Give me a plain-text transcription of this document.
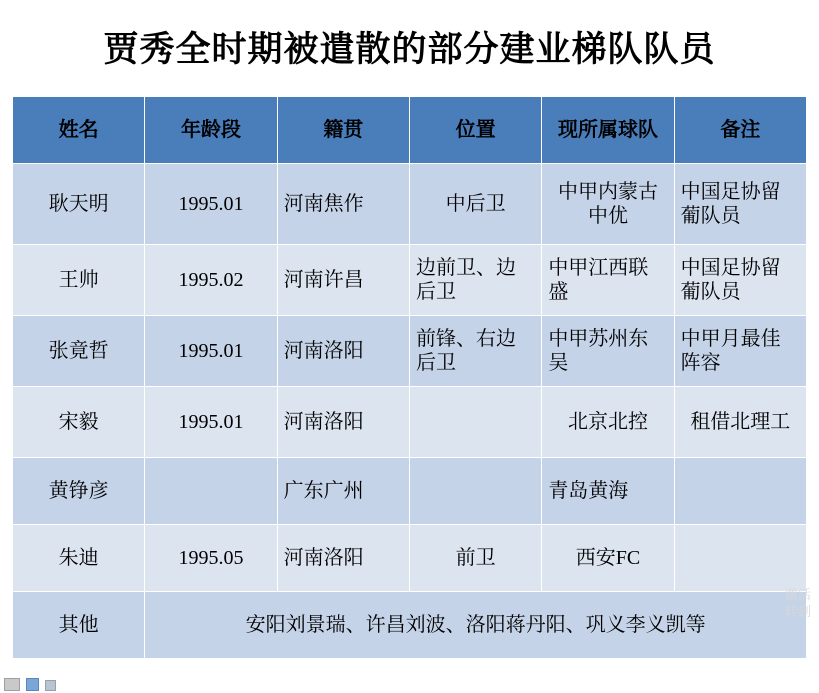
贾秀全时期被遣散的部分建业梯队队员
姓名	年龄段	籍贯	位置	现所属球队	备注
耿天明	1995.01	河南焦作	中后卫	中甲内蒙古中优	中国足协留葡队员
王帅	1995.02	河南许昌	边前卫、边后卫	中甲江西联盛	中国足协留葡队员
张竟哲	1995.01	河南洛阳	前锋、右边后卫	中甲苏州东吴	中甲月最佳阵容
宋毅	1995.01	河南洛阳		北京北控	租借北理工
黄铮彦		广东广州		青岛黄海	
朱迪	1995.05	河南洛阳	前卫	西安FC	
其他	安阳刘景瑞、许昌刘波、洛阳蒋丹阳、巩义李义凯等				
激活
转到
